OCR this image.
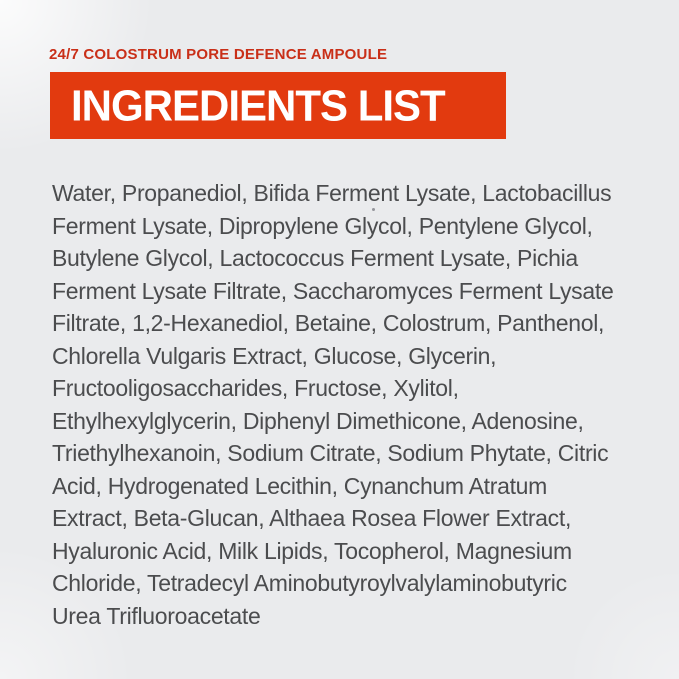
24/7 COLOSTRUM PORE DEFENCE AMPOULE
INGREDIENTS LIST
Water, Propanediol, Bifida Ferment Lysate, Lactobacillus
Ferment Lysate, Dipropylene Glycol, Pentylene Glycol,
Butylene Glycol, Lactococcus Ferment Lysate, Pichia
Ferment Lysate Filtrate, Saccharomyces Ferment Lysate
Filtrate, 1,2-Hexanediol, Betaine, Colostrum, Panthenol,
Chlorella Vulgaris Extract, Glucose, Glycerin,
Fructooligosaccharides, Fructose, Xylitol,
Ethylhexylglycerin, Diphenyl Dimethicone, Adenosine,
Triethylhexanoin, Sodium Citrate, Sodium Phytate, Citric
Acid, Hydrogenated Lecithin, Cynanchum Atratum
Extract, Beta-Glucan, Althaea Rosea Flower Extract,
Hyaluronic Acid, Milk Lipids, Tocopherol, Magnesium
Chloride, Tetradecyl Aminobutyroylvalylaminobutyric
Urea Trifluoroacetate
